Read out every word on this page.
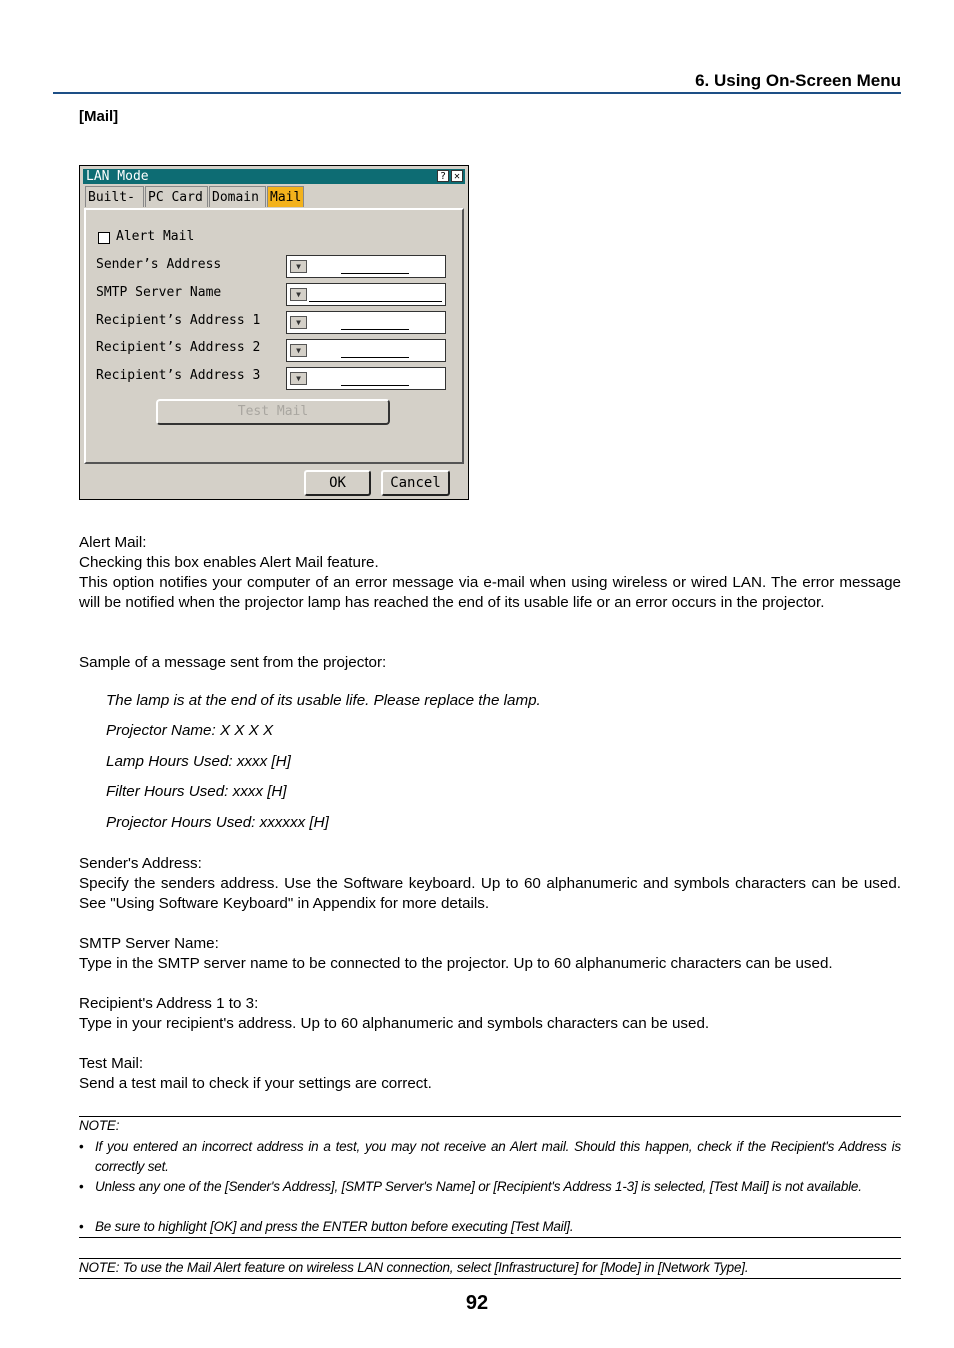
6. Using On-Screen Menu
[Mail]
LAN Mode	? ✕
Built-	PC Card Domain Mail
Alert Mail
Sender’s Address	▼
SMTP Server Name	▼
Recipient’s Address 1	▼
Recipient’s Address 2	▼
Recipient’s Address 3	▼
Test Mail
OK	Cancel
Alert Mail:
Checking this box enables Alert Mail feature.
This option notifies your computer of an error message via e-mail when using wireless or wired LAN. The error message will be notified when the projector lamp has reached the end of its usable life or an error occurs in the projector.
Sample of a message sent from the projector:
The lamp is at the end of its usable life. Please replace the lamp.
Projector Name: X X X X
Lamp Hours Used: xxxx [H]
Filter Hours Used: xxxx [H]
Projector Hours Used: xxxxxx [H]
Sender's Address:
Specify the senders address. Use the Software keyboard. Up to 60 alphanumeric and symbols characters can be used. See "Using Software Keyboard" in Appendix for more details.
SMTP Server Name:
Type in the SMTP server name to be connected to the projector. Up to 60 alphanumeric characters can be used.
Recipient's Address 1 to 3:
Type in your recipient's address. Up to 60 alphanumeric and symbols characters can be used.
Test Mail:
Send a test mail to check if your settings are correct.
NOTE:
• If you entered an incorrect address in a test, you may not receive an Alert mail. Should this happen, check if the Recipient's Address is correctly set.
• Unless any one of the [Sender's Address], [SMTP Server's Name] or [Recipient's Address 1-3] is selected, [Test Mail] is not available.
• Be sure to highlight [OK] and press the ENTER button before executing [Test Mail].
NOTE: To use the Mail Alert feature on wireless LAN connection, select [Infrastructure] for [Mode] in [Network Type].
92
